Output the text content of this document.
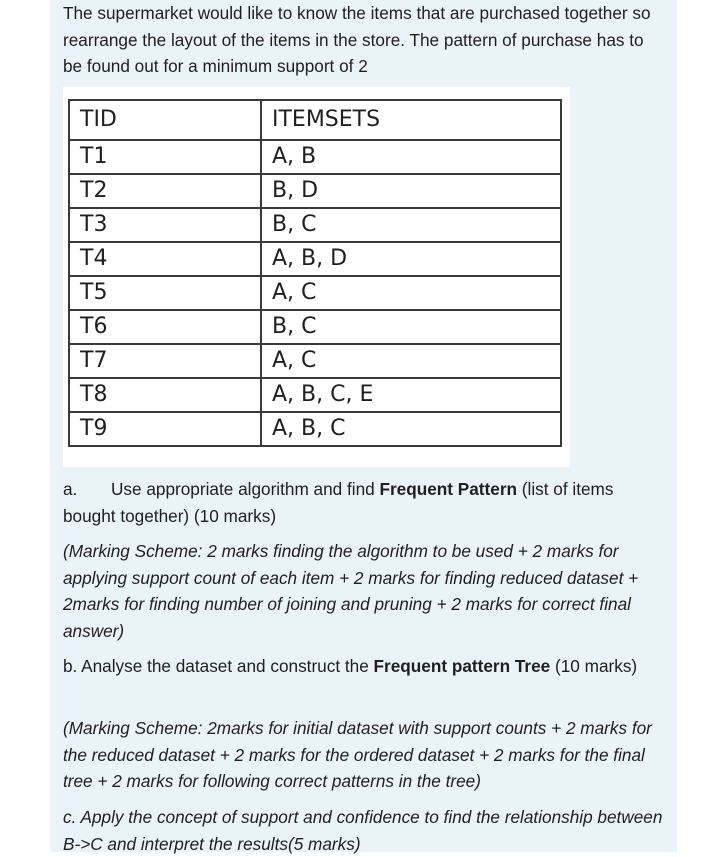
The supermarket would like to know the items that are purchased together so rearrange the layout of the items in the store. The pattern of purchase has to be found out for a minimum support of 2

TID	ITEMSETS
T1	A, B
T2	B, D
T3	B, C
T4	A, B, D
T5	A, C
T6	B, C
T7	A, C
T8	A, B, C, E
T9	A, B, C

a. Use appropriate algorithm and find Frequent Pattern (list of items bought together) (10 marks)

(Marking Scheme: 2 marks finding the algorithm to be used + 2 marks for applying support count of each item + 2 marks for finding reduced dataset + 2marks for finding number of joining and pruning + 2 marks for correct final answer)

b. Analyse the dataset and construct the Frequent pattern Tree (10 marks)

(Marking Scheme: 2marks for initial dataset with support counts + 2 marks for the reduced dataset + 2 marks for the ordered dataset + 2 marks for the final tree + 2 marks for following correct patterns in the tree)

c. Apply the concept of support and confidence to find the relationship between B->C and interpret the results(5 marks)
